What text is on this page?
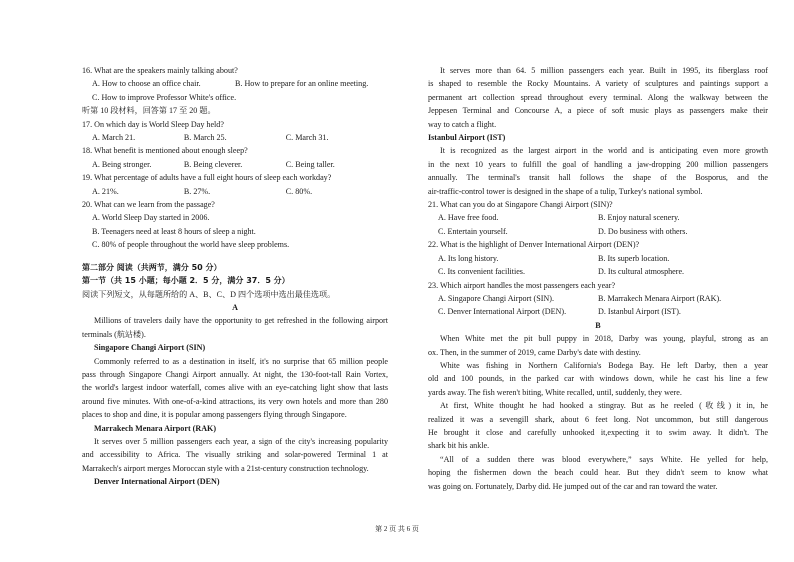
16. What are the speakers mainly talking about?
A. How to choose an office chair.	B. How to prepare for an online meeting.
C. How to improve Professor White's office.
听第 10 段材料，回答第 17 至 20 题。
17. On which day is World Sleep Day held?
A. March 21.	B. March 25.	C. March 31.
18. What benefit is mentioned about enough sleep?
A. Being stronger.	B. Being cleverer.	C. Being taller.
19. What percentage of adults have a full eight hours of sleep each workday?
A. 21%.	B. 27%.	C. 80%.
20. What can we learn from the passage?
A. World Sleep Day started in 2006.
B. Teenagers need at least 8 hours of sleep a night.
C. 80% of people throughout the world have sleep problems.
第二部分 阅读（共两节，满分 50 分）
第一节（共 15 小题；每小题 2．5 分，满分 37．5 分）
阅读下列短文，从每题所给的 A、B、C、D 四个选项中选出最佳选项。
A
Millions of travelers daily have the opportunity to get refreshed in the following airport
terminals (航站楼).
Singapore Changi Airport (SIN)
Commonly referred to as a destination in itself, it's no surprise that 65 million people
pass through Singapore Changi Airport annually. At night, the 130-foot-tall Rain Vortex,
the world's largest indoor waterfall, comes alive with an eye-catching light show that lasts
around five minutes. With one-of-a-kind attractions, its very own hotels and more than 280
places to shop and dine, it is popular among passengers flying through Singapore.
Marrakech Menara Airport (RAK)
It serves over 5 million passengers each year, a sign of the city's increasing popularity
and accessibility to Africa. The visually striking and solar-powered Terminal 1 at
Marrakech's airport merges Moroccan style with a 21st-century construction technology.
Denver International Airport (DEN)
It serves more than 64. 5 million passengers each year. Built in 1995, its fiberglass roof
is shaped to resemble the Rocky Mountains. A variety of sculptures and paintings support a
permanent art collection spread throughout every terminal. Along the walkway between the
Jeppesen Terminal and Concourse A, a piece of soft music plays as passengers make their
way to catch a flight.
Istanbul Airport (IST)
It is recognized as the largest airport in the world and is anticipating even more growth
in the next 10 years to fulfill the goal of handling a jaw-dropping 200 million passengers
annually. The terminal's transit hall follows the shape of the Bosporus, and the
air-traffic-control tower is designed in the shape of a tulip, Turkey's national symbol.
21. What can you do at Singapore Changi Airport (SIN)?
A. Have free food.	B. Enjoy natural scenery.
C. Entertain yourself.	D. Do business with others.
22. What is the highlight of Denver International Airport (DEN)?
A. Its long history.	B. Its superb location.
C. Its convenient facilities.	D. Its cultural atmosphere.
23. Which airport handles the most passengers each year?
A. Singapore Changi Airport (SIN).	B. Marrakech Menara Airport (RAK).
C. Denver International Airport (DEN).	D. Istanbul Airport (IST).
B
When White met the pit bull puppy in 2018, Darby was young, playful, strong as an
ox. Then, in the summer of 2019, came Darby's date with destiny.
White was fishing in Northern California's Bodega Bay. He left Darby, then a year
old and 100 pounds, in the parked car with windows down, while he cast his line a few
yards away. The fish weren't biting, White recalled, until, suddenly, they were.
At first, White thought he had hooked a stingray. But as he reeled (收线) it in, he
realized it was a sevengill shark, about 6 feet long. Not uncommon, but still dangerous
He brought it close and carefully unhooked it,expecting it to swim away. It didn't. The
shark bit his ankle.
“All of a sudden there was blood everywhere,” says White. He yelled for help,
hoping the fishermen down the beach could hear. But they didn't seem to know what
was going on. Fortunately, Darby did. He jumped out of the car and ran toward the water.
第 2 页 共 6 页
